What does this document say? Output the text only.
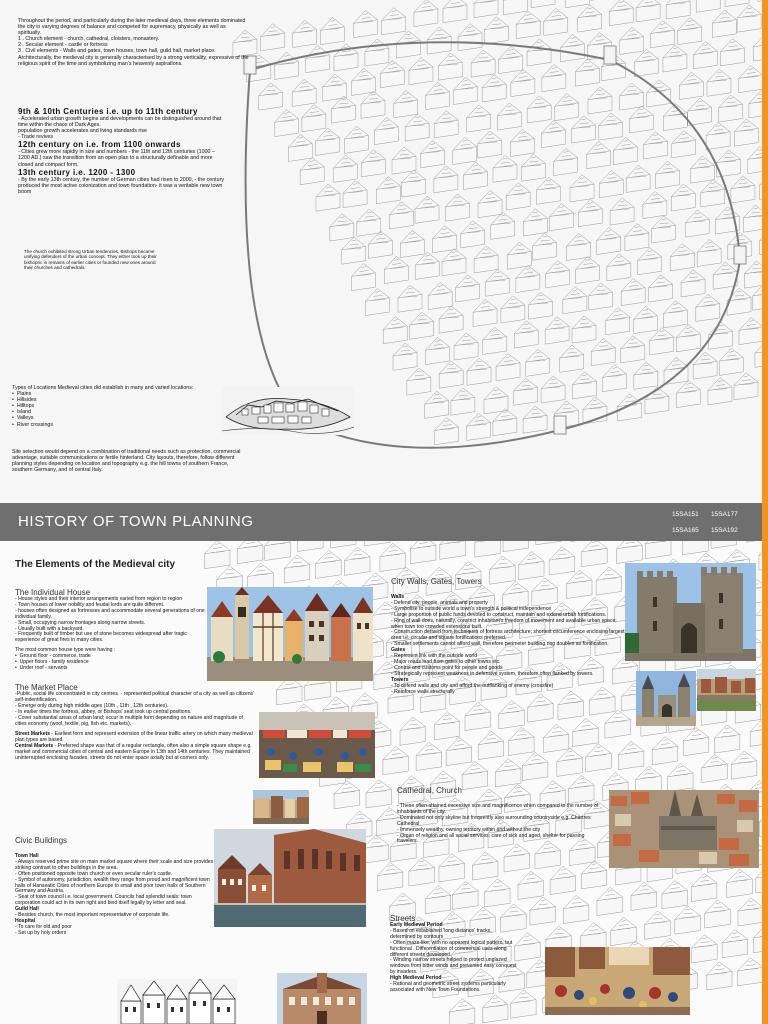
Throughout the period, and particularly during the later medieval days, three elements dominated the city in varying degrees of balance and competed for supremacy, physically as well as spiritually.

1 . Church element - church, cathedral, cloisters, monastery.

2 . Secular element - castle or fortress

3 . Civil elements - Walls and gates, town houses, town hall, guild hall, market place.

Architecturally, the medieval city is generally characterised by a strong verticality, expressive of the religious spirit of the time and symbolizing man's heavenly aspirations.

9th & 10th Centuries i.e. up to 11th century

- Accelerated urban growth begins and developments can be distinguished around that time within the chaos of Dark Ages.

population growth accelerates and living standards rise

- Trade revives

12th century on i.e. from 1100 onwards

- Cities grew more rapidly in size and numbers - the 11th and 12th centuries (1000 – 1200 AD.) saw the transition from an open plan to a structurally definable and more closed and compact form.

13th century i.e. 1200 - 1300

- By the early 13th century, the number of German cities had risen to 2000, - the century produced the most active colonization and town foundation- it was a veritable new town boom

The church exhibited strong Urban tendencies. Bishops became unifying defenders of the urban concept. They either took up their bishopric in remains of earlier cities or founded new ones around their churches and cathedrals.

Types of Locations Medieval cities did establish in many and varied locations:

•  Plains

•  Hillsides

•  Hilltops

•  Island

•  Valleys

•  River crossings

Site selection would depend on a combination of traditional needs such as protection, commercial advantage, suitable communications or fertile hinterland. City layouts, therefore, follow different planning styles depending on location and topography e.g. the hill towns of southern France, southern Germany, and of central Italy.

HISTORY OF TOWN PLANNING	15SA151 15SA177
15SA165 15SA192
The Elements of the Medieval city
The Individual House

- House styles and their interior arrangements varied from region to region

- Town houses of lower nobility and feudal lords are quite different.

- houses often designed as fortresses and accommodate several generations of one individual family.

- Small, occupying narrow frontages along narrow streets.

- Usually built with a backyard.

- Frequently built of timber but use of stone becomes widespread after tragic experience of great fires in many cities.

The most common house type were having :

•  Ground floor - commerce, trade

•  Upper floors - family residence

•  Under roof - servants

The Market Place

-Public, social life concentrated in city centres. - represented political character of a city as well as citizens' self-indentification.

- Emerge only during high middle ages (10th , 11th , 12th centuries).

- In earlier times the fortress, abbey, or Bishops' seat took up central positions.

- Cover substantial areas of urban land; occur in multiple form depending on nature and magnitude of cities economy (wool, textile, pig, fish etc. markets).

Street Markets - Earliest form and represent extension of the linear traffic artery on which many medieval plan types are based.

Central Markets - Preferred shape was that of a regular rectangle, often also a simple square shape e.g. market and commercial cities of central and eastern Europe in 13th and 14th centuries. They maintained uninterrupted enclosing facades, streets do not enter space axially but at corners only.

Civic Buildings

Town Hall

- Always reserved prime site on main market square where their scale and size provides striking contrast to other buildings in the area.

- Often positioned opposite town church or even secular ruler's castle.

- Symbol of autonomy, jurisdiction, wealth they range from proud and magnificent town halls of Hanseatic Cities of northern Europe to small and poor town halls of Southern Germany and Austria.

- Seat of town council i.e. local government. Councils had splendid seals: town corporation could act in its own right and bind itself legally by letter and seal.

Guild Hall

- Besides church, the most important representative of corporate life.

Hospital

- To care for old and poor

- Set up by holy orders

City Walls, Gates, Towers

Walls

- Defend city, people, animals and property

- Symbolise to outside world a town's strength & political independence

- Large proportion of public funds devoted to construct, maintain and extend urban fortifications.

- Ring of wall does, naturally, constrict inhabitant's freedom of movement and available urban space; when town too crowded extensions built.

- Construction derived from techniques of fortress architecture; shortest circumference enclosing largest area i.e. circular and square fortifications preferred.

- Smaller settlements cannot afford wall, therefore perimeter building ring doubles as fortification.

Gates

- Represent link with the outside world

- Major roads lead from gates to other towns etc.

- Control and customs point for people and goods

- Strategically represent weakness in defensive system, therefore often flanked by towers.

Towers

- To defend walls and city and afford the outflanking of enemy (crossfire)

- Reinforce walls structurally

Cathedral, Church

- These often attained excessive size and magnificence when compared to the number of inhabitants of the city.

- Dominated not only skyline but frequently also surrounding countryside e.g. Chartres Cathedral

- Immensely wealthy, owning territory within and without the city

- Organ of religion and all social services: care of sick and aged, shelter for passing travelers.

Streets

Early Medieval Period

- Based on established 'long distance' tracks, determined by contours

- Often maze-like, with no apparent logical pattern, but functional . Differentiation of commercial uses along different streets developed.

- Winding narrow streets helped to protect unglazed windows from bitter winds and prevented easy conquest by invaders.

High Medieval Period

- Rational and geometric street systems particularly associated with New Town Foundations.
